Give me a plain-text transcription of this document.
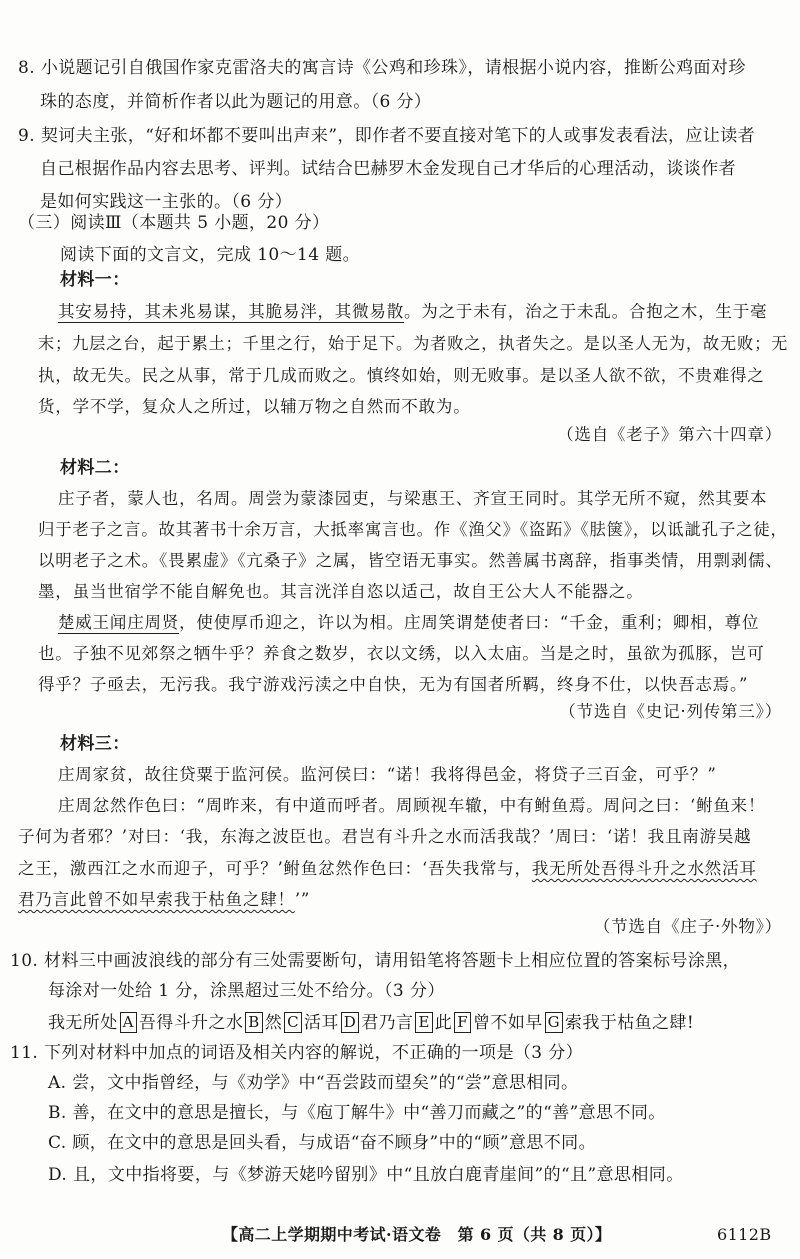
8. 小说题记引自俄国作家克雷洛夫的寓言诗《公鸡和珍珠》，请根据小说内容，推断公鸡面对珍
珠的态度，并简析作者以此为题记的用意。（6 分）
9. 契诃夫主张，“好和坏都不要叫出声来”，即作者不要直接对笔下的人或事发表看法，应让读者
自己根据作品内容去思考、评判。试结合巴赫罗木金发现自己才华后的心理活动，谈谈作者
是如何实践这一主张的。（6 分）
（三）阅读Ⅲ（本题共 5 小题，20 分）
阅读下面的文言文，完成 10～14 题。
材料一：
其安易持，其未兆易谋，其脆易泮，其微易散。为之于未有，治之于未乱。合抱之木，生于毫
末；九层之台，起于累土；千里之行，始于足下。为者败之，执者失之。是以圣人无为，故无败；无
执，故无失。民之从事，常于几成而败之。慎终如始，则无败事。是以圣人欲不欲，不贵难得之
货，学不学，复众人之所过，以辅万物之自然而不敢为。
（选自《老子》第六十四章）
材料二：
庄子者，蒙人也，名周。周尝为蒙漆园吏，与梁惠王、齐宣王同时。其学无所不窥，然其要本
归于老子之言。故其著书十余万言，大抵率寓言也。作《渔父》《盗跖》《胠箧》，以诋訿孔子之徒，
以明老子之术。《畏累虚》《亢桑子》之属，皆空语无事实。然善属书离辞，指事类情，用剽剥儒、
墨，虽当世宿学不能自解免也。其言洸洋自恣以适己，故自王公大人不能器之。
楚威王闻庄周贤，使使厚币迎之，许以为相。庄周笑谓楚使者曰：“千金，重利；卿相，尊位
也。子独不见郊祭之牺牛乎？养食之数岁，衣以文绣，以入太庙。当是之时，虽欲为孤豚，岂可
得乎？子亟去，无污我。我宁游戏污渎之中自快，无为有国者所羁，终身不仕，以快吾志焉。”
（节选自《史记·列传第三》）
材料三：
庄周家贫，故往贷粟于监河侯。监河侯曰：“诺！我将得邑金，将贷子三百金，可乎？”
庄周忿然作色曰：“周昨来，有中道而呼者。周顾视车辙，中有鲋鱼焉。周问之曰：‘鲋鱼来！
子何为者邪？’对曰：‘我，东海之波臣也。君岂有斗升之水而活我哉？’周曰：‘诺！我且南游吴越
之王，激西江之水而迎子，可乎？’鲋鱼忿然作色曰：‘吾失我常与，我无所处吾得斗升之水然活耳
君乃言此曾不如早索我于枯鱼之肆！’”
（节选自《庄子·外物》）
10. 材料三中画波浪线的部分有三处需要断句，请用铅笔将答题卡上相应位置的答案标号涂黑，
每涂对一处给 1 分，涂黑超过三处不给分。（3 分）
我无所处 A 吾得斗升之水 B 然 C 活耳 D 君乃言 E 此 F 曾不如早 G 索我于枯鱼之肆!
11. 下列对材料中加点的词语及相关内容的解说，不正确的一项是（3 分）
A. 尝，文中指曾经，与《劝学》中“吾尝跂而望矣”的“尝”意思相同。
B. 善，在文中的意思是擅长，与《庖丁解牛》中“善刀而藏之”的“善”意思不同。
C. 顾，在文中的意思是回头看，与成语“奋不顾身”中的“顾”意思不同。
D. 且，文中指将要，与《梦游天姥吟留别》中“且放白鹿青崖间”的“且”意思相同。
【高二上学期期中考试·语文卷　第 6 页（共 8 页）】	6112B
